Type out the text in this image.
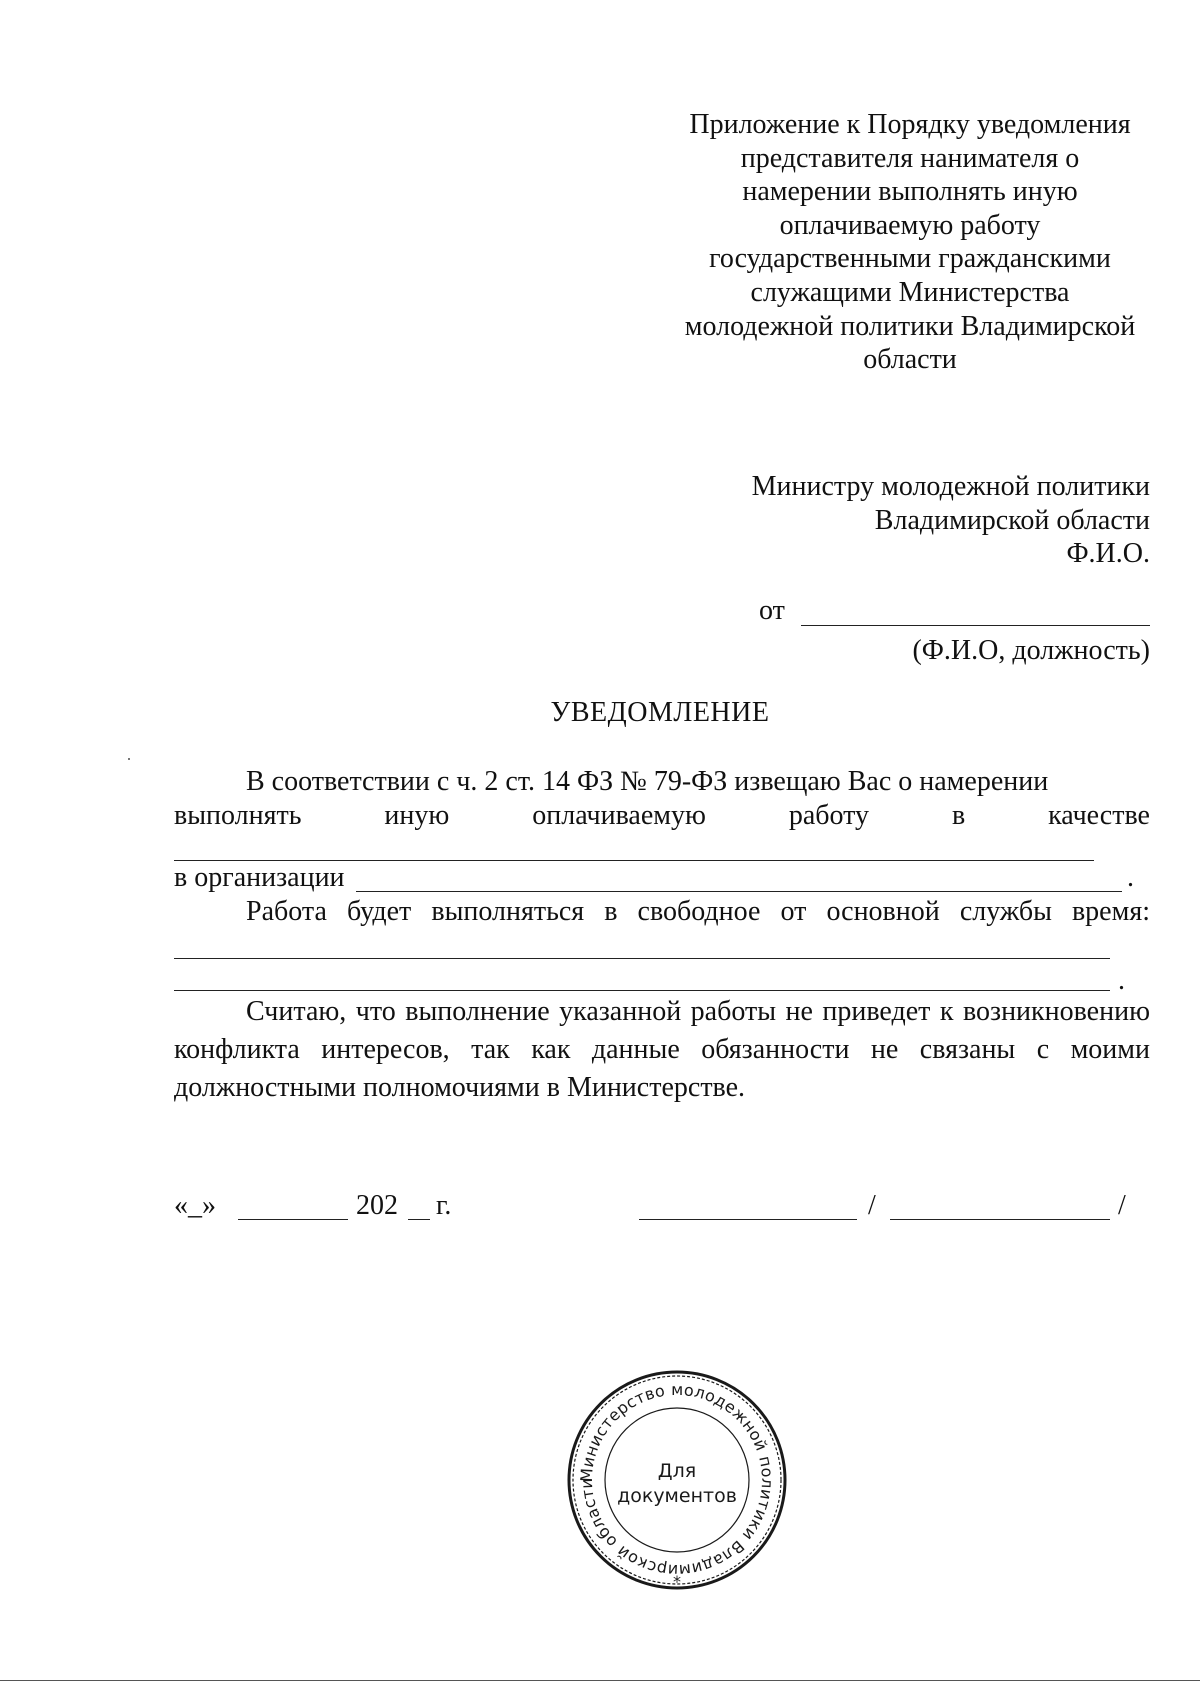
Приложение к Порядку уведомления
представителя нанимателя о
намерении выполнять иную
оплачиваемую работу
государственными гражданскими
служащими Министерства
молодежной политики Владимирской
области
Министру молодежной политики
Владимирской области
Ф.И.О.
от
(Ф.И.О, должность)
УВЕДОМЛЕНИЕ
В соответствии с ч. 2 ст. 14 ФЗ № 79-ФЗ извещаю Вас о намерении
выполнять	иную	оплачиваемую	работу	в	качестве
в организации	.
Работа будет выполняться в свободное от основной службы время:
.
Считаю, что выполнение указанной работы не приведет к возникновению конфликта интересов, так как данные обязанности не связаны с моими должностными полномочиями в Министерстве.
«_»	202 г.	/	/
Министерство молодежной политики Владимирской области
*
Для
документов
